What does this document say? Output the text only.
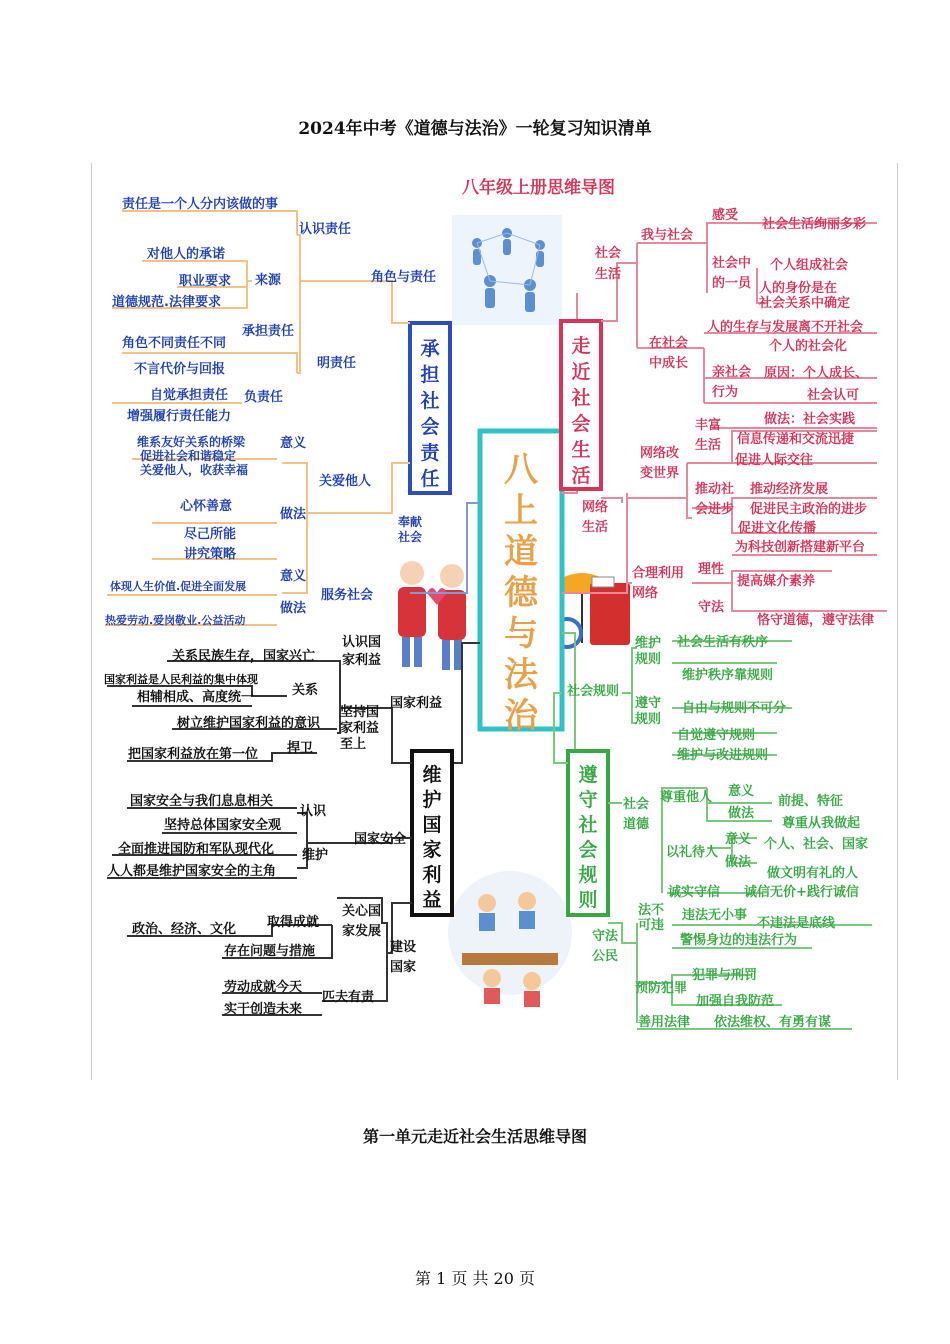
2024年中考《道德与法治》一轮复习知识清单
八年级上册思维导图
八上道德与法治
承担社会责任
责任是一个人分内该做的事
认识责任
角色与责任
对他人的承诺
职业要求 来源
道德规范.法律要求
承担责任
角色不同责任不同
明责任
不言代价与回报
自觉承担责任 负责任
增强履行责任能力
维系友好关系的桥梁
促进社会和谐稳定
关爱他人，收获幸福
意义
关爱他人
心怀善意
做法
尽己所能
讲究策略
奉献社会
意义
体现人生价值.促进全面发展
服务社会
做法
热爱劳动.爱岗敬业.公益活动
维护国家利益
关系民族生存，国家兴亡
认识国家利益
国家利益是人民利益的集中体现
相辅相成、高度统一	关系
国家利益
坚持国家利益至上
树立维护国家利益的意识
捍卫
把国家利益放在第一位
国家安全与我们息息相关
认识
坚持总体国家安全观
国家安全
全面推进国防和军队现代化 维护
人人都是维护国家安全的主角
关心国家发展
取得成就
政治、经济、文化
存在问题与措施	建设国家
劳动成就今天
匹夫有责
实干创造未来
走近社会生活
社会生活
我与社会
感受
社会生活绚丽多彩
社会中的一员
个人组成社会
人的身份是在
社会关系中确定
在社会中成长
人的生存与发展离不开社会
个人的社会化
亲社会行为
原因：个人成长、
社会认可
做法：社会实践
丰富生活 信息传递和交流迅捷
促进人际交往
网络改变世界
推动社会进步
推动经济发展
促进民主政治的进步
促进文化传播
为科技创新搭建新平台
网络生活
合理利用网络
理性
提高媒介素养
守法
恪守道德，遵守法律
遵守社会规则
社会规则
维护规则
社会生活有秩序
维护秩序靠规则
遵守规则
自由与规则不可分
自觉遵守规则
维护与改进规则
社会道德
尊重他人 意义
前提、特征
做法
尊重从我做起
以礼待人
意义 个人、社会、国家
做法
做文明有礼的人
诚实守信 诚信无价+践行诚信
法不可违
违法无小事
不违法是底线
警惕身边的违法行为
守法公民
预防犯罪
犯罪与刑罚
加强自我防范
善用法律 依法维权、有勇有谋
第一单元走近社会生活思维导图
第 1 页 共 20 页
